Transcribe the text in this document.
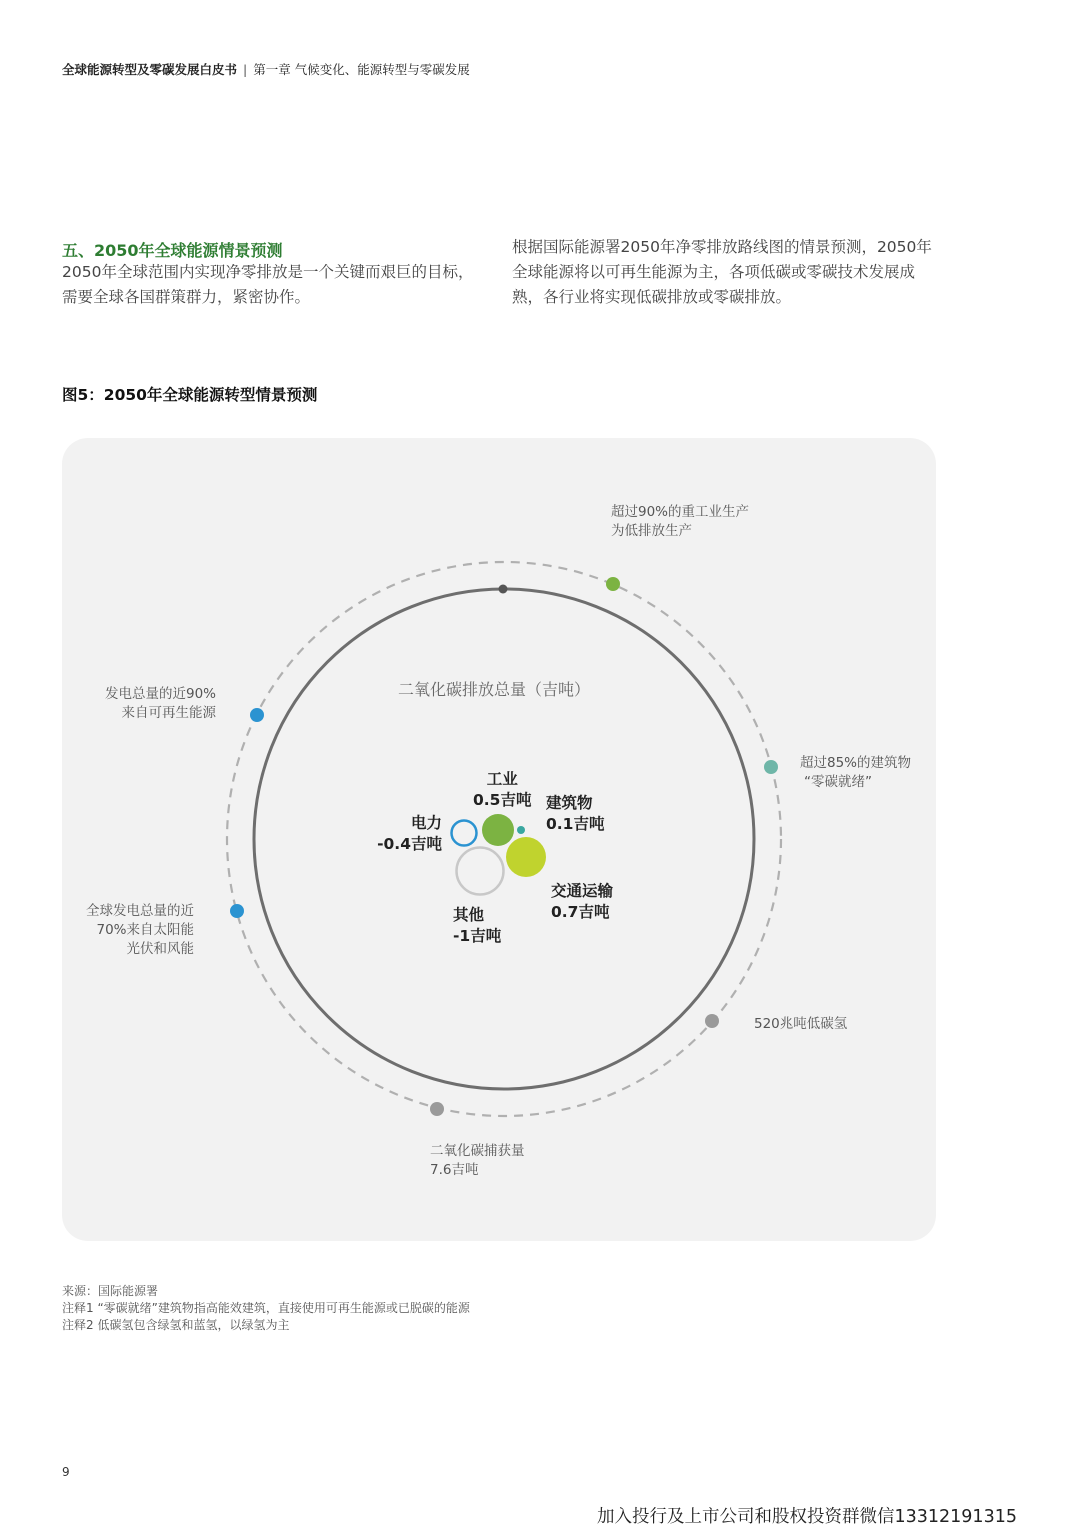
全球能源转型及零碳发展白皮书 | 第一章 气候变化、能源转型与零碳发展
五、2050年全球能源情景预测
2050年全球范围内实现净零排放是一个关键而艰巨的目标，需要全球各国群策群力，紧密协作。
根据国际能源署2050年净零排放路线图的情景预测，2050年全球能源将以可再生能源为主，各项低碳或零碳技术发展成熟，各行业将实现低碳排放或零碳排放。
图5：2050年全球能源转型情景预测
二氧化碳排放总量（吉吨）
工业
0.5吉吨 建筑物
0.1吉吨
电力
-0.4吉吨
交通运输
0.7吉吨
其他
-1吉吨
超过90%的重工业生产
为低排放生产
超过85%的建筑物
“零碳就绪”
520兆吨低碳氢
二氧化碳捕获量
7.6吉吨
全球发电总量的近
70%来自太阳能
光伏和风能
发电总量的近90%
来自可再生能源
来源：国际能源署
注释1 “零碳就绪”建筑物指高能效建筑，直接使用可再生能源或已脱碳的能源
注释2 低碳氢包含绿氢和蓝氢，以绿氢为主
9
加入投行及上市公司和股权投资群微信13312191315
